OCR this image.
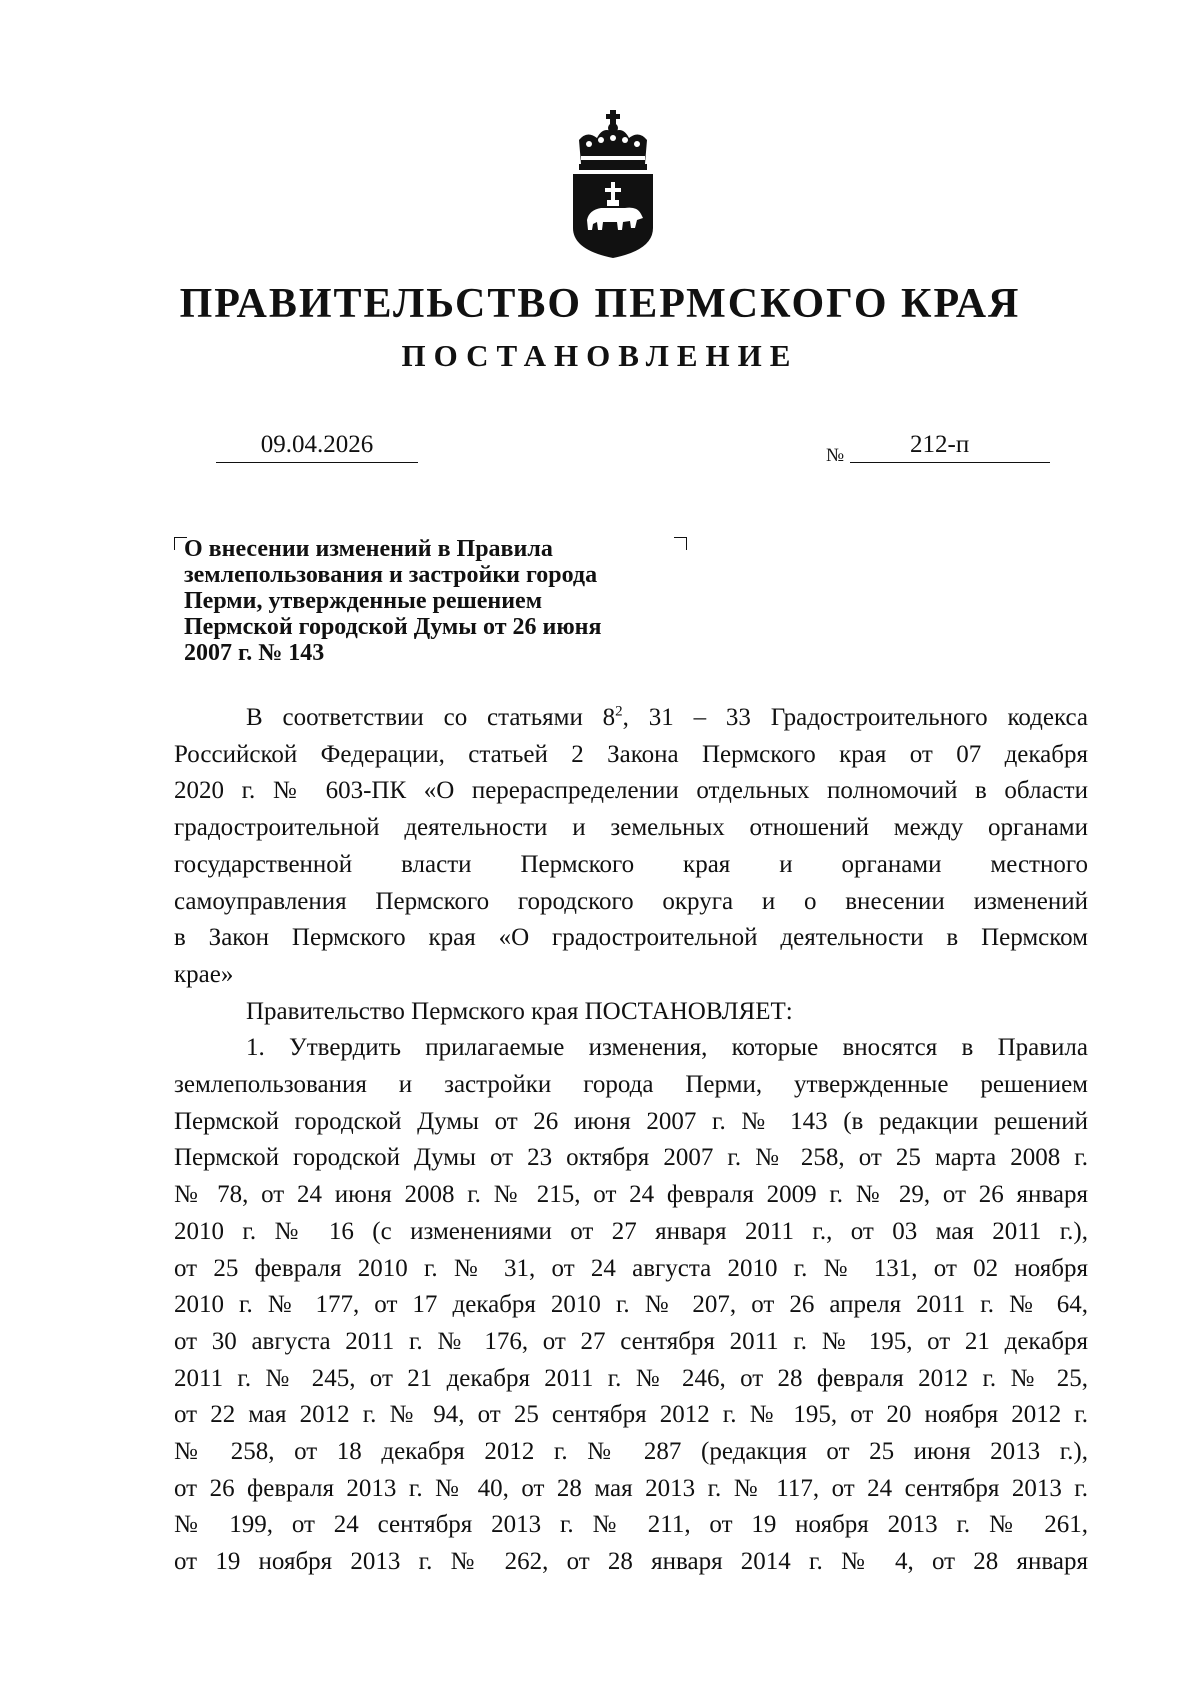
ПРАВИТЕЛЬСТВО ПЕРМСКОГО КРАЯ
ПОСТАНОВЛЕНИЕ
09.04.2026	№	212-п
О внесении изменений в Правила
землепользования и застройки города
Перми, утвержденные решением
Пермской городской Думы от 26 июня
2007 г. № 143
В соответствии со статьями $8^2$, 31 – 33 Градостроительного кодекса
Российской Федерации, статьей 2 Закона Пермского края от 07 декабря
2020 г. № 603-ПК «О перераспределении отдельных полномочий в области
градостроительной деятельности и земельных отношений между органами
государственной власти Пермского края и органами местного
самоуправления Пермского городского округа и о внесении изменений
в Закон Пермского края «О градостроительной деятельности в Пермском
крае»

Правительство Пермского края ПОСТАНОВЛЯЕТ:

1. Утвердить прилагаемые изменения, которые вносятся в Правила
землепользования и застройки города Перми, утвержденные решением
Пермской городской Думы от 26 июня 2007 г. № 143 (в редакции решений
Пермской городской Думы от 23 октября 2007 г. № 258, от 25 марта 2008 г.
№ 78, от 24 июня 2008 г. № 215, от 24 февраля 2009 г. № 29, от 26 января
2010 г. № 16 (с изменениями от 27 января 2011 г., от 03 мая 2011 г.),
от 25 февраля 2010 г. № 31, от 24 августа 2010 г. № 131, от 02 ноября
2010 г. № 177, от 17 декабря 2010 г. № 207, от 26 апреля 2011 г. № 64,
от 30 августа 2011 г. № 176, от 27 сентября 2011 г. № 195, от 21 декабря
2011 г. № 245, от 21 декабря 2011 г. № 246, от 28 февраля 2012 г. № 25,
от 22 мая 2012 г. № 94, от 25 сентября 2012 г. № 195, от 20 ноября 2012 г.
№ 258, от 18 декабря 2012 г. № 287 (редакция от 25 июня 2013 г.),
от 26 февраля 2013 г. № 40, от 28 мая 2013 г. № 117, от 24 сентября 2013 г.
№ 199, от 24 сентября 2013 г. № 211, от 19 ноября 2013 г. № 261,
от 19 ноября 2013 г. № 262, от 28 января 2014 г. № 4, от 28 января
